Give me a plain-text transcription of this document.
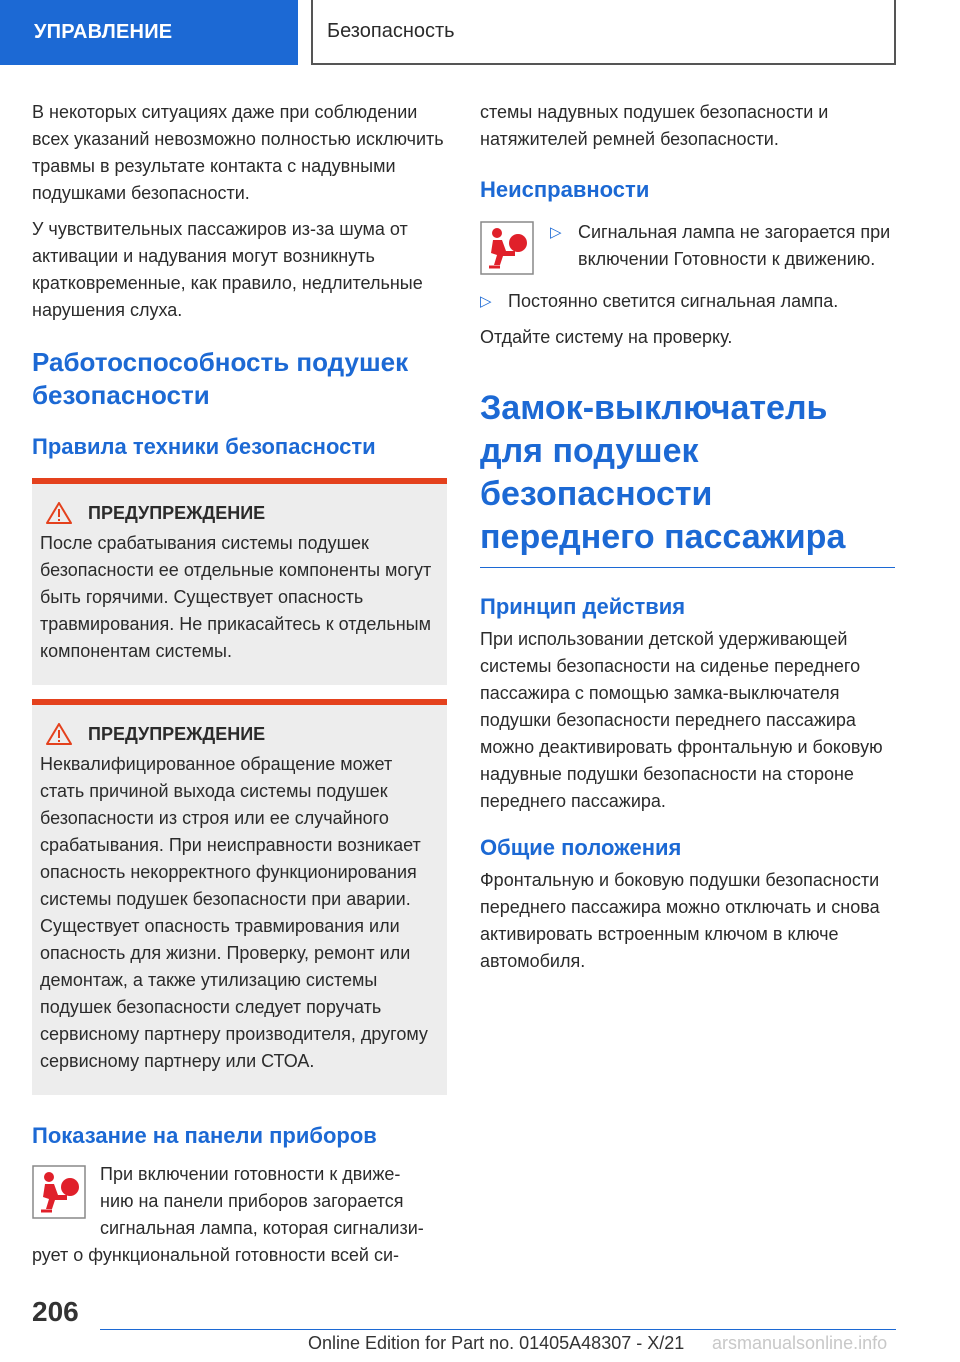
УПРАВЛЕНИЕ	Безопасность

В некоторых ситуациях даже при соблюдении всех указаний невозможно полностью исключить травмы в результате контакта с надувными подушками безопасности.

У чувствительных пассажиров из-за шума от активации и надувания могут возникнуть кратковременные, как правило, недлительные нарушения слуха.

Работоспособность подушек безопасности
Правила техники безопасности
ПРЕДУПРЕЖДЕНИЕ

После срабатывания системы подушек безопасности ее отдельные компоненты могут быть горячими. Существует опасность травмирования. Не прикасайтесь к отдельным компонентам системы.

ПРЕДУПРЕЖДЕНИЕ

Неквалифицированное обращение может стать причиной выхода системы подушек безопасности из строя или ее случайного срабатывания. При неисправности возникает опасность некорректного функционирования системы подушек безопасности при аварии. Существует опасность травмирования или опасность для жизни. Проверку, ремонт или демонтаж, а также утилизацию системы подушек безопасности следует поручать сервисному партнеру производителя, другому сервисному партнеру или СТОА.

Показание на панели приборов

При включении готовности к движе-

нию на панели приборов загорается

сигнальная лампа, которая сигнализи-

рует о функциональной готовности всей си-

стемы надувных подушек безопасности и натяжителей ремней безопасности.

Неисправности
▷ Сигнальная лампа не загорается при включении Готовности к движению.
▷ Постоянно светится сигнальная лампа.

Отдайте систему на проверку.

Замок-выключатель для подушек безопасности переднего пассажира
Принцип действия

При использовании детской удерживающей системы безопасности на сиденье переднего пассажира с помощью замка-выключателя подушки безопасности переднего пассажира можно деактивировать фронтальную и боковую надувные подушки безопасности на стороне переднего пассажира.

Общие положения

Фронтальную и боковую подушки безопасности переднего пассажира можно отключать и снова активировать встроенным ключом в ключе автомобиля.

206
Online Edition for Part no. 01405A48307 - X/21 arsmanualsonline.info
